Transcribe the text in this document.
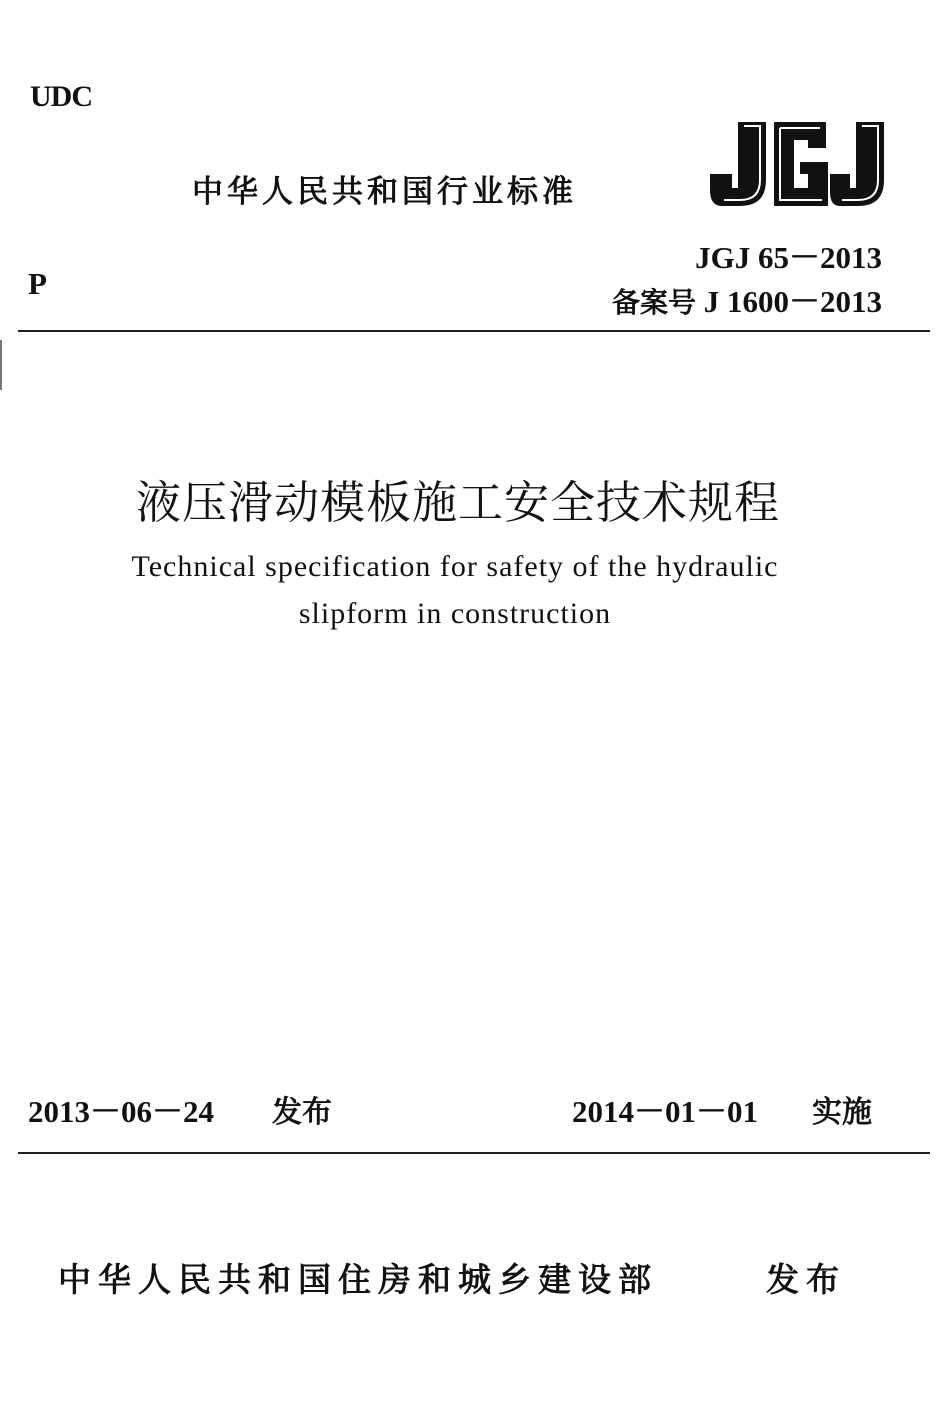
UDC
中华人民共和国行业标准	JGJ
JGJ 65－2013
备案号 J 1600－2013
P
液压滑动模板施工安全技术规程
Technical specification for safety of the hydraulic
slipform in construction
2013－06－24 发布	2014－01－01 实施
中华人民共和国住房和城乡建设部	发布
